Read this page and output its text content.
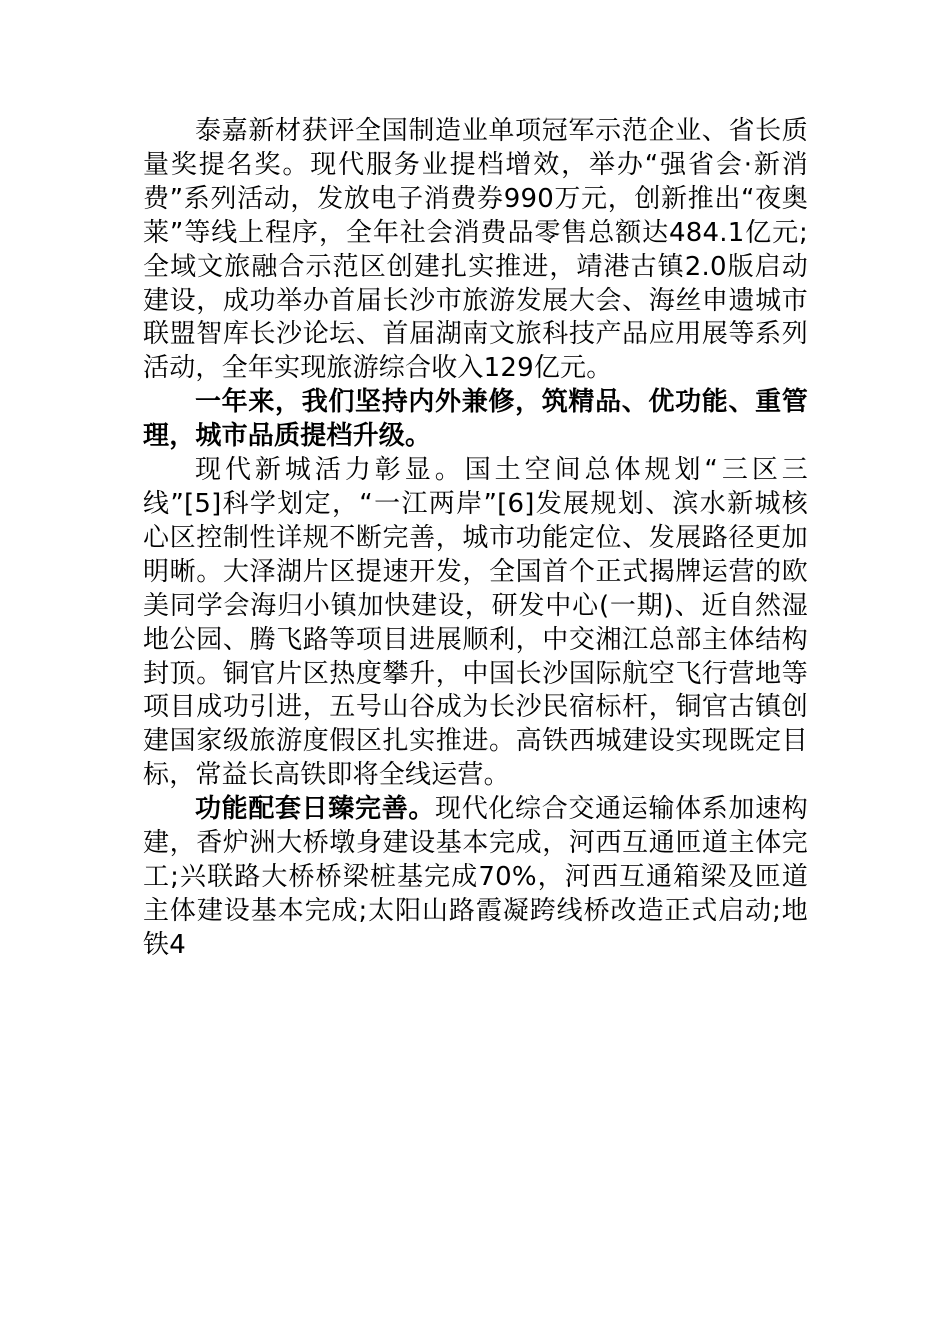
泰嘉新材获评全国制造业单项冠军示范企业、省长质量奖提名奖。现代服务业提档增效，举办“强省会·新消费”系列活动，发放电子消费券990万元，创新推出“夜奥莱”等线上程序，全年社会消费品零售总额达484.1亿元;全域文旅融合示范区创建扎实推进，靖港古镇2.0版启动建设，成功举办首届长沙市旅游发展大会、海丝申遗城市联盟智库长沙论坛、首届湖南文旅科技产品应用展等系列活动，全年实现旅游综合收入129亿元。

一年来，我们坚持内外兼修，筑精品、优功能、重管理，城市品质提档升级。

现代新城活力彰显。国土空间总体规划“三区三线”[5]科学划定，“一江两岸”[6]发展规划、滨水新城核心区控制性详规不断完善，城市功能定位、发展路径更加明晰。大泽湖片区提速开发，全国首个正式揭牌运营的欧美同学会海归小镇加快建设，研发中心(一期)、近自然湿地公园、腾飞路等项目进展顺利，中交湘江总部主体结构封顶。铜官片区热度攀升，中国长沙国际航空飞行营地等项目成功引进，五号山谷成为长沙民宿标杆，铜官古镇创建国家级旅游度假区扎实推进。高铁西城建设实现既定目标，常益长高铁即将全线运营。

功能配套日臻完善。现代化综合交通运输体系加速构建，香炉洲大桥墩身建设基本完成，河西互通匝道主体完工;兴联路大桥桥梁桩基完成70%，河西互通箱梁及匝道主体建设基本完成;太阳山路霞凝跨线桥改造正式启动;地铁4
